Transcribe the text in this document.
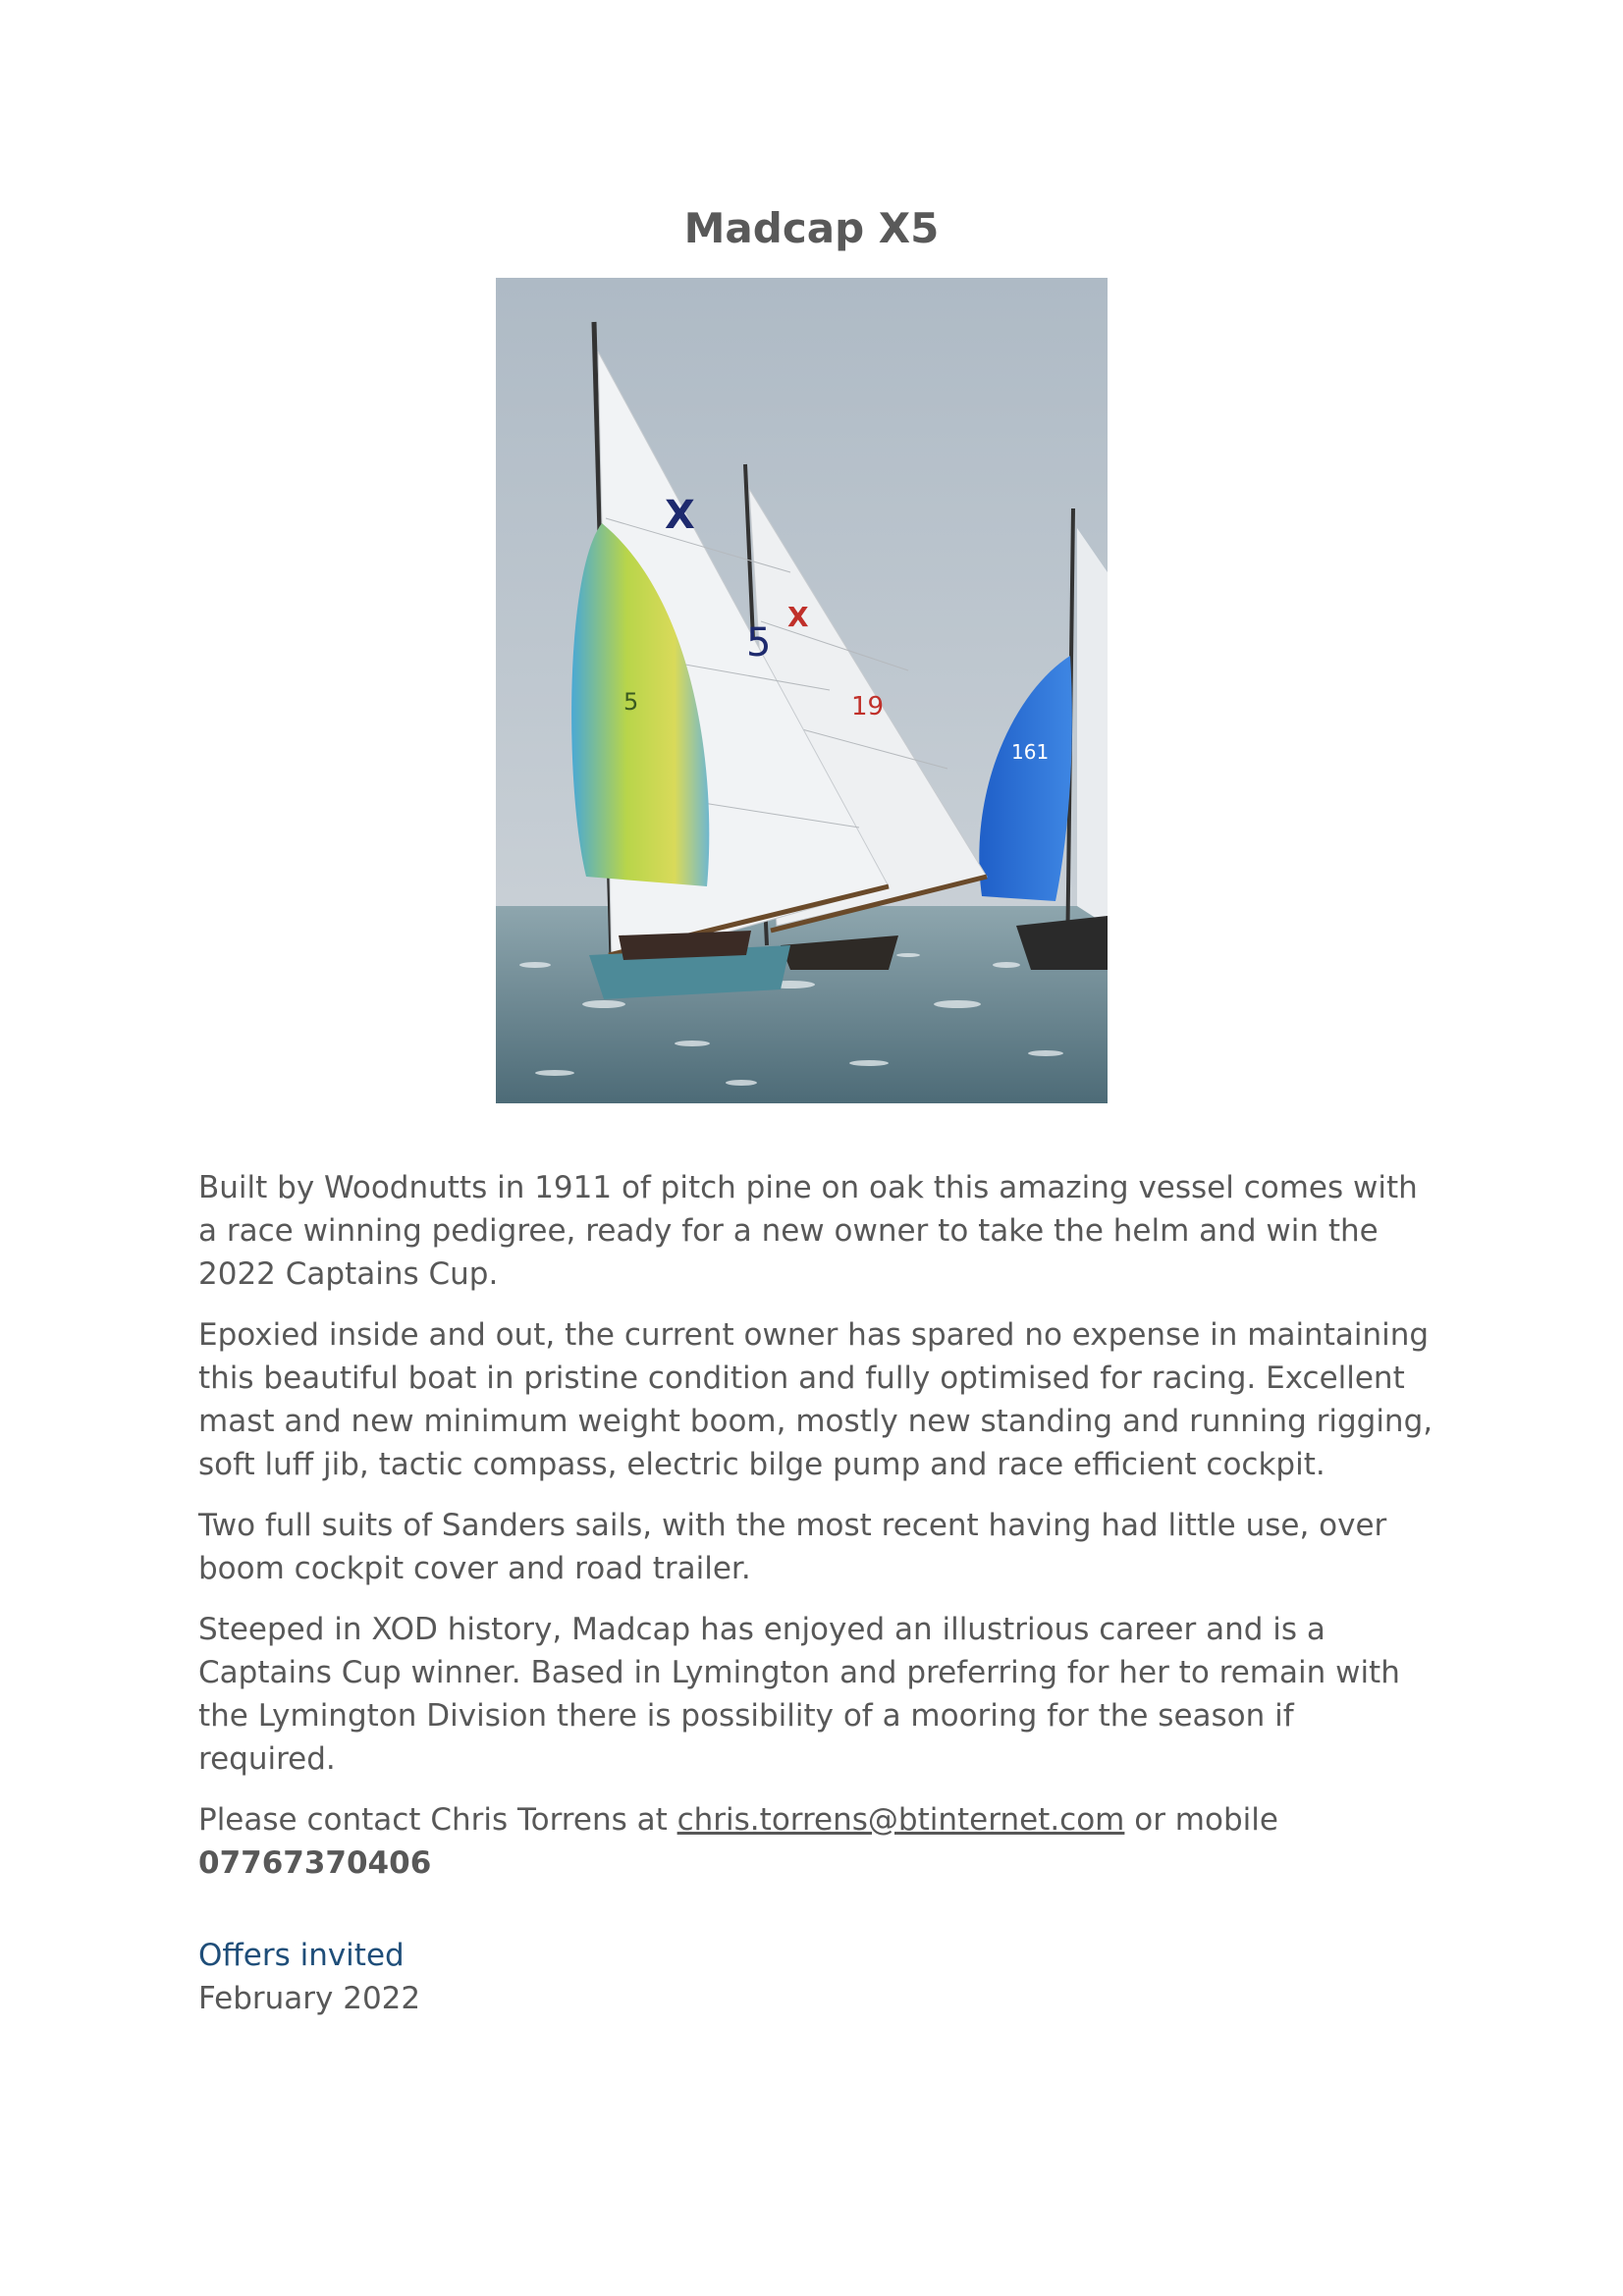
Madcap X5
161
X
19
X
5
5

Built by Woodnutts in 1911 of pitch pine on oak this amazing vessel comes with a race winning pedigree, ready for a new owner to take the helm and win the 2022 Captains Cup.

Epoxied inside and out, the current owner has spared no expense in maintaining this beautiful boat in pristine condition and fully optimised for racing. Excellent mast and new minimum weight boom, mostly new standing and running rigging, soft luff jib, tactic compass, electric bilge pump and race efficient cockpit.

Two full suits of Sanders sails, with the most recent having had little use, over boom cockpit cover and road trailer.

Steeped in XOD history, Madcap has enjoyed an illustrious career and is a Captains Cup winner. Based in Lymington and preferring for her to remain with the Lymington Division there is possibility of a mooring for the season if required.

Please contact Chris Torrens at chris.torrens@btinternet.com or mobile
07767370406

Offers invited
February 2022
